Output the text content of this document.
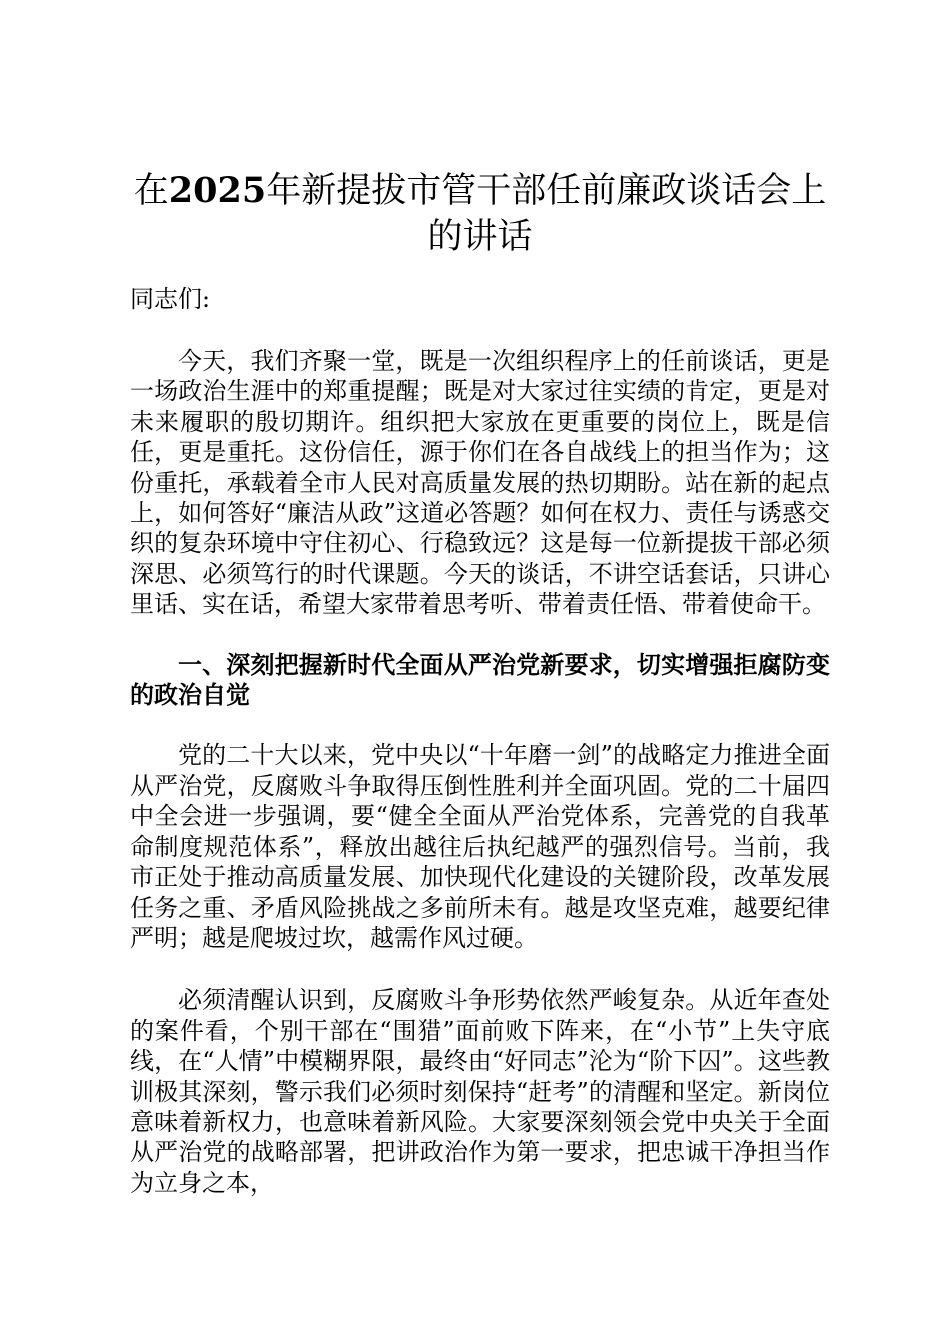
在2025年新提拔市管干部任前廉政谈话会上的讲话

同志们:

今天，我们齐聚一堂，既是一次组织程序上的任前谈话，更是一场政治生涯中的郑重提醒；既是对大家过往实绩的肯定，更是对未来履职的殷切期许。组织把大家放在更重要的岗位上，既是信任，更是重托。这份信任，源于你们在各自战线上的担当作为；这份重托，承载着全市人民对高质量发展的热切期盼。站在新的起点上，如何答好“廉洁从政”这道必答题？如何在权力、责任与诱惑交织的复杂环境中守住初心、行稳致远？这是每一位新提拔干部必须深思、必须笃行的时代课题。今天的谈话，不讲空话套话，只讲心里话、实在话，希望大家带着思考听、带着责任悟、带着使命干。

一、深刻把握新时代全面从严治党新要求，切实增强拒腐防变的政治自觉

党的二十大以来，党中央以“十年磨一剑”的战略定力推进全面从严治党，反腐败斗争取得压倒性胜利并全面巩固。党的二十届四中全会进一步强调，要“健全全面从严治党体系，完善党的自我革命制度规范体系”，释放出越往后执纪越严的强烈信号。当前，我市正处于推动高质量发展、加快现代化建设的关键阶段，改革发展任务之重、矛盾风险挑战之多前所未有。越是攻坚克难，越要纪律严明；越是爬坡过坎，越需作风过硬。

必须清醒认识到，反腐败斗争形势依然严峻复杂。从近年查处的案件看，个别干部在“围猎”面前败下阵来，在“小节”上失守底线，在“人情”中模糊界限，最终由“好同志”沦为“阶下囚”。这些教训极其深刻，警示我们必须时刻保持“赶考”的清醒和坚定。新岗位意味着新权力，也意味着新风险。大家要深刻领会党中央关于全面从严治党的战略部署，把讲政治作为第一要求，把忠诚干净担当作为立身之本，
